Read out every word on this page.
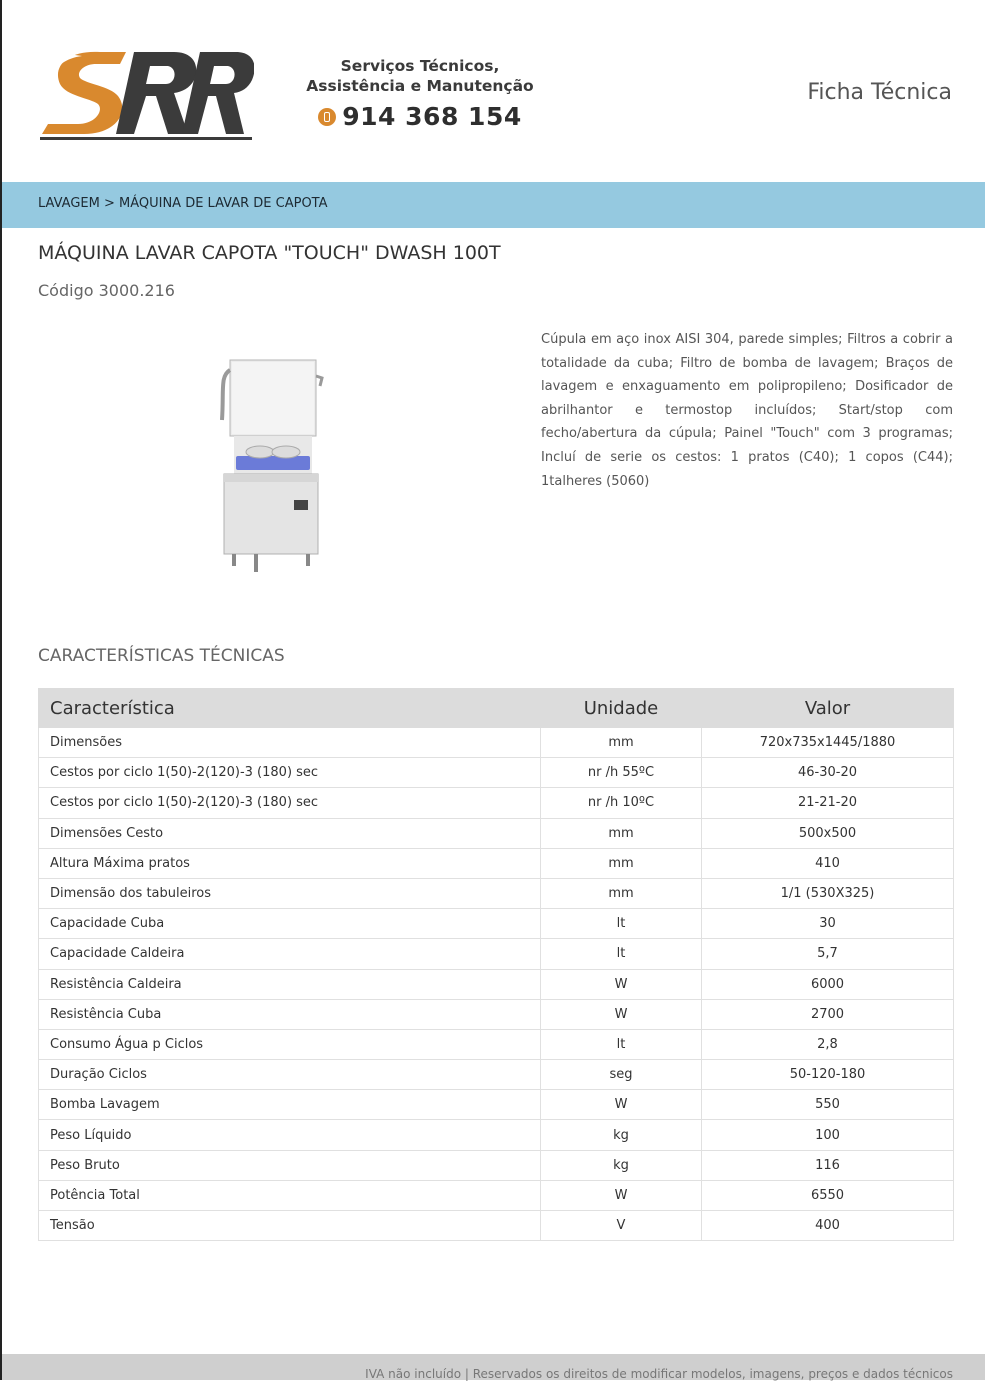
Serviços Técnicos,
Assistência e Manutenção
914 368 154
Ficha Técnica
LAVAGEM > MÁQUINA DE LAVAR DE CAPOTA
MÁQUINA LAVAR CAPOTA "TOUCH" DWASH 100T
Código 3000.216
Cúpula em aço inox AISI 304, parede simples; Filtros a cobrir a totalidade da cuba; Filtro de bomba de lavagem; Braços de lavagem e enxaguamento em polipropileno; Dosificador de abrilhantor e termostop incluídos; Start/stop com fecho/abertura da cúpula; Painel "Touch" com 3 programas; Incluí de serie os cestos: 1 pratos (C40); 1 copos (C44); 1talheres (5060)
CARACTERÍSTICAS TÉCNICAS
Característica	Unidade	Valor
Dimensões	mm	720x735x1445/1880
Cestos por ciclo 1(50)-2(120)-3 (180) sec	nr /h 55ºC	46-30-20
Cestos por ciclo 1(50)-2(120)-3 (180) sec	nr /h 10ºC	21-21-20
Dimensões Cesto	mm	500x500
Altura Máxima pratos	mm	410
Dimensão dos tabuleiros	mm	1/1 (530X325)
Capacidade Cuba	lt	30
Capacidade Caldeira	lt	5,7
Resistência Caldeira	W	6000
Resistência Cuba	W	2700
Consumo Água p Ciclos	lt	2,8
Duração Ciclos	seg	50-120-180
Bomba Lavagem	W	550
Peso Líquido	kg	100
Peso Bruto	kg	116
Potência Total	W	6550
Tensão	V	400
IVA não incluído | Reservados os direitos de modificar modelos, imagens, preços e dados técnicos
